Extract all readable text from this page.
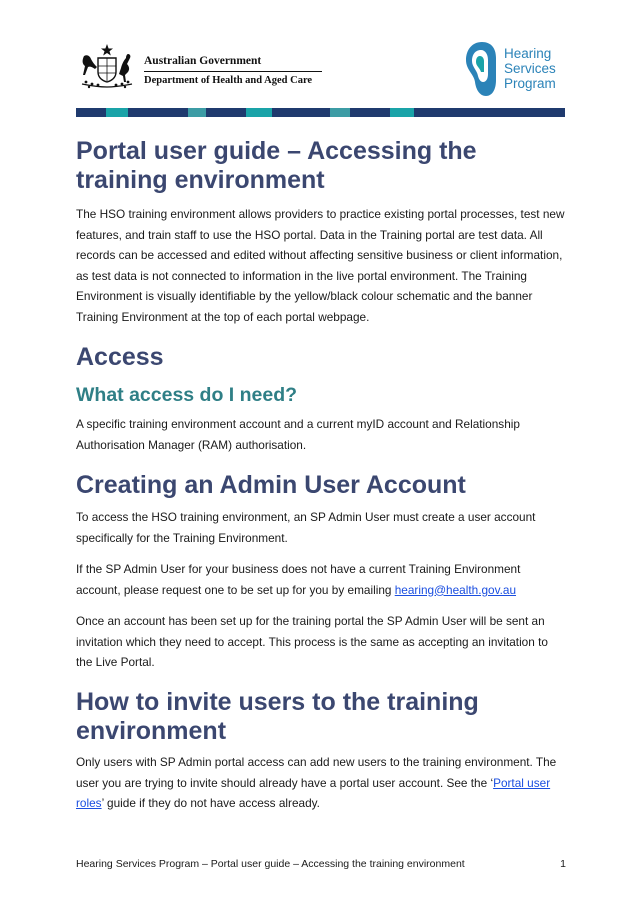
Australian Government
Department of Health and Aged Care
Hearing
Services
Program
Portal user guide – Accessing the
training environment

The HSO training environment allows providers to practice existing portal processes, test new features, and train staff to use the HSO portal. Data in the Training portal are test data. All records can be accessed and edited without affecting sensitive business or client information, as test data is not connected to information in the live portal environment. The Training Environment is visually identifiable by the yellow/black colour schematic and the banner Training Environment at the top of each portal webpage.

Access
What access do I need?

A specific training environment account and a current myID account and Relationship Authorisation Manager (RAM) authorisation.

Creating an Admin User Account

To access the HSO training environment, an SP Admin User must create a user account specifically for the Training Environment.

If the SP Admin User for your business does not have a current Training Environment account, please request one to be set up for you by emailing hearing@health.gov.au

Once an account has been set up for the training portal the SP Admin User will be sent an invitation which they need to accept. This process is the same as accepting an invitation to the Live Portal.

How to invite users to the training
environment

Only users with SP Admin portal access can add new users to the training environment. The user you are trying to invite should already have a portal user account. See the ‘Portal user roles’ guide if they do not have access already.

Hearing Services Program – Portal user guide – Accessing the training environment	1
